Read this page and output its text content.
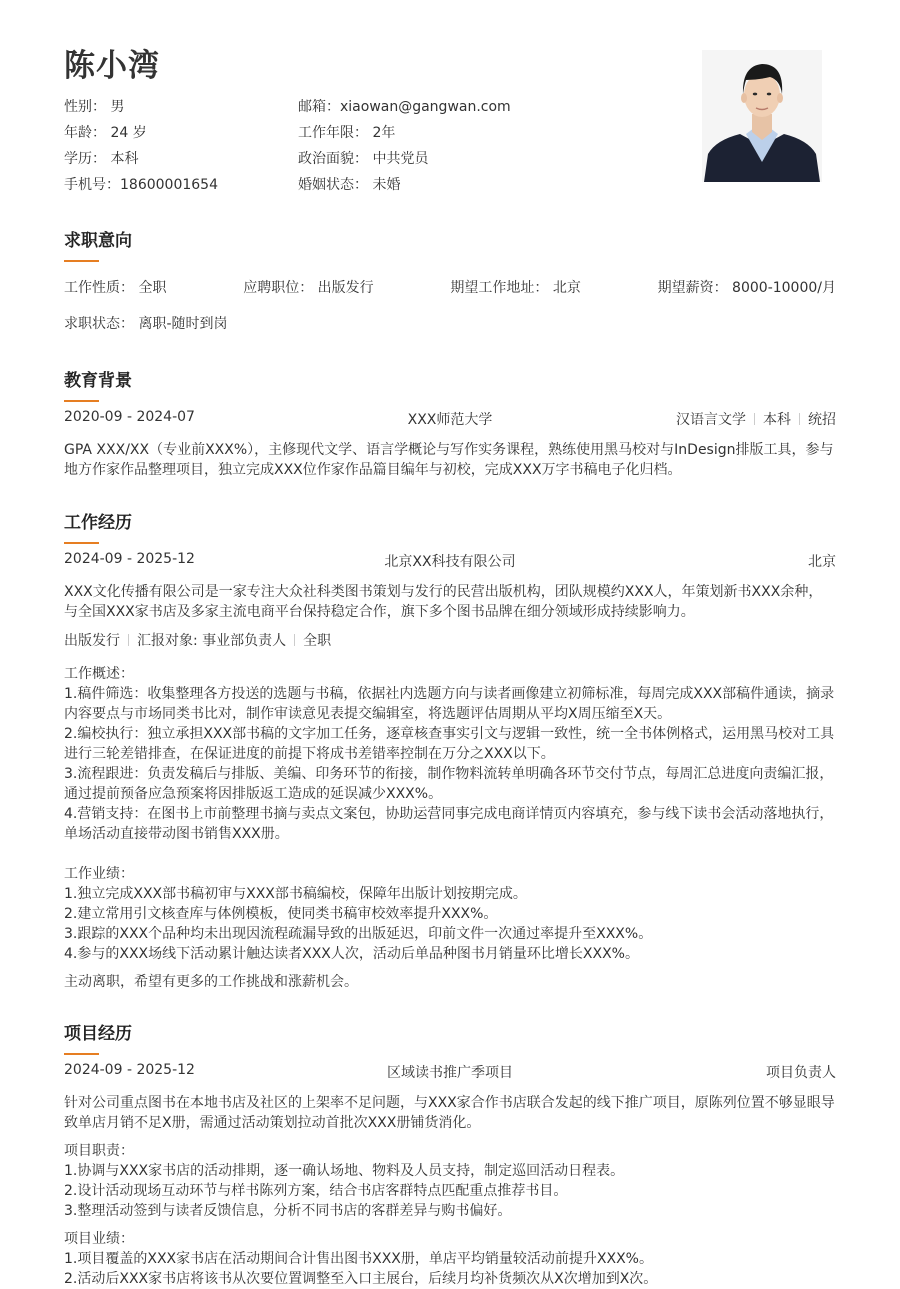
陈小湾
性别： 男	邮箱：xiaowan@gangwan.com
年龄： 24 岁	工作年限： 2年
学历： 本科	政治面貌： 中共党员
手机号：18600001654	婚姻状态： 未婚
求职意向
工作性质： 全职	应聘职位： 出版发行	期望工作地址： 北京	期望薪资： 8000-10000/月
求职状态： 离职-随时到岗
教育背景
2020-09 - 2024-07	XXX师范大学	汉语言文学 本科 统招
GPA XXX/XX（专业前XXX%），主修现代文学、语言学概论与写作实务课程，熟练使用黑马校对与InDesign排版工具，参与地方作家作品整理项目，独立完成XXX位作家作品篇目编年与初校，完成XXX万字书稿电子化归档。
工作经历
2024-09 - 2025-12	北京XX科技有限公司	北京
XXX文化传播有限公司是一家专注大众社科类图书策划与发行的民营出版机构，团队规模约XXX人，年策划新书XXX余种，与全国XXX家书店及多家主流电商平台保持稳定合作，旗下多个图书品牌在细分领域形成持续影响力。
出版发行 汇报对象: 事业部负责人 全职
工作概述：
1.稿件筛选：收集整理各方投送的选题与书稿，依据社内选题方向与读者画像建立初筛标准，每周完成XXX部稿件通读，摘录内容要点与市场同类书比对，制作审读意见表提交编辑室，将选题评估周期从平均X周压缩至X天。
2.编校执行：独立承担XXX部书稿的文字加工任务，逐章核查事实引文与逻辑一致性，统一全书体例格式，运用黑马校对工具进行三轮差错排查，在保证进度的前提下将成书差错率控制在万分之XXX以下。
3.流程跟进：负责发稿后与排版、美编、印务环节的衔接，制作物料流转单明确各环节交付节点，每周汇总进度向责编汇报，通过提前预备应急预案将因排版返工造成的延误减少XXX%。
4.营销支持：在图书上市前整理书摘与卖点文案包，协助运营同事完成电商详情页内容填充，参与线下读书会活动落地执行，单场活动直接带动图书销售XXX册。
工作业绩：
1.独立完成XXX部书稿初审与XXX部书稿编校，保障年出版计划按期完成。
2.建立常用引文核查库与体例模板，使同类书稿审校效率提升XXX%。
3.跟踪的XXX个品种均未出现因流程疏漏导致的出版延迟，印前文件一次通过率提升至XXX%。
4.参与的XXX场线下活动累计触达读者XXX人次，活动后单品种图书月销量环比增长XXX%。
主动离职，希望有更多的工作挑战和涨薪机会。
项目经历
2024-09 - 2025-12	区域读书推广季项目	项目负责人
针对公司重点图书在本地书店及社区的上架率不足问题，与XXX家合作书店联合发起的线下推广项目，原陈列位置不够显眼导致单店月销不足X册，需通过活动策划拉动首批次XXX册铺货消化。
项目职责：
1.协调与XXX家书店的活动排期，逐一确认场地、物料及人员支持，制定巡回活动日程表。
2.设计活动现场互动环节与样书陈列方案，结合书店客群特点匹配重点推荐书目。
3.整理活动签到与读者反馈信息，分析不同书店的客群差异与购书偏好。
项目业绩：
1.项目覆盖的XXX家书店在活动期间合计售出图书XXX册，单店平均销量较活动前提升XXX%。
2.活动后XXX家书店将该书从次要位置调整至入口主展台，后续月均补货频次从X次增加到X次。
